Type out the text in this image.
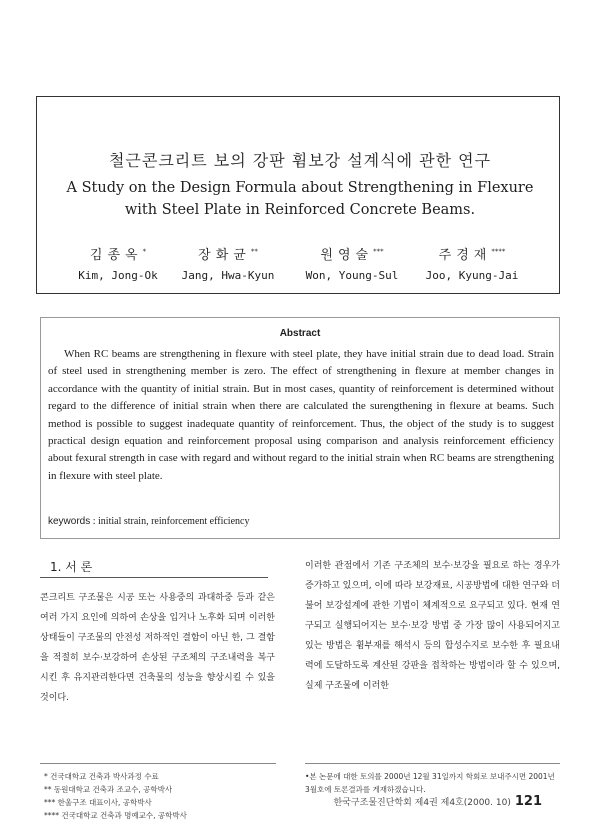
철근콘크리트 보의 강판 휨보강 설계식에 관한 연구
A Study on the Design Formula about Strengthening in Flexure
with Steel Plate in Reinforced Concrete Beams.
김종옥*
Kim, Jong-Ok
장화균**
Jang, Hwa-Kyun
원영술***
Won, Young-Sul
주경재****
Joo, Kyung-Jai
Abstract
When RC beams are strengthening in flexure with steel plate, they have initial strain due to dead load. Strain of steel used in strengthening member is zero. The effect of strengthening in flexure at member changes in accordance with the quantity of initial strain. But in most cases, quantity of reinforcement is determined without regard to the difference of initial strain when there are calculated the surengthening in flexure at beams. Such method is possible to suggest inadequate quantity of reinforcement. Thus, the object of the study is to suggest practical design equation and reinforcement proposal using comparison and analysis reinforcement efficiency about fexural strength in case with regard and without regard to the initial strain when RC beams are strengthening in flexure with steel plate.
keywords : initial strain, reinforcement efficiency
1. 서 론
콘크리트 구조물은 시공 또는 사용중의 과대하중 등과 같은 여러 가지 요인에 의하여 손상을 입거나 노후화 되며 이러한 상태들이 구조물의 안전성 저하적인 결함이 아닌 한, 그 결함을 적절히 보수·보강하여 손상된 구조체의 구조내력을 복구시킨 후 유지관리한다면 건축물의 성능을 향상시킬 수 있을 것이다.
이러한 관점에서 기존 구조체의 보수·보강을 필요로 하는 경우가 증가하고 있으며, 이에 따라 보강재료, 시공방법에 대한 연구와 더불어 보강설계에 관한 기법이 체계적으로 요구되고 있다. 현재 연구되고 실행되어지는 보수·보강 방법 중 가장 많이 사용되어지고 있는 방법은 휨부재를 해석시 등의 합성수지로 보수한 후 필요내력에 도달하도록 계산된 강판을 접착하는 방법이라 할 수 있으며, 실제 구조물에 이러한
* 건국대학교 건축과 박사과정 수료
** 동원대학교 건축과 조교수, 공학박사
*** 한울구조 대표이사, 공학박사
**** 건국대학교 건축과 명예교수, 공학박사
•본 논문에 대한 토의를 2000년 12월 31일까지 학회로 보내주시면 2001년 3월호에 토론결과를 게재하겠습니다.
한국구조물진단학회 제4권 제4호(2000. 10) 121
